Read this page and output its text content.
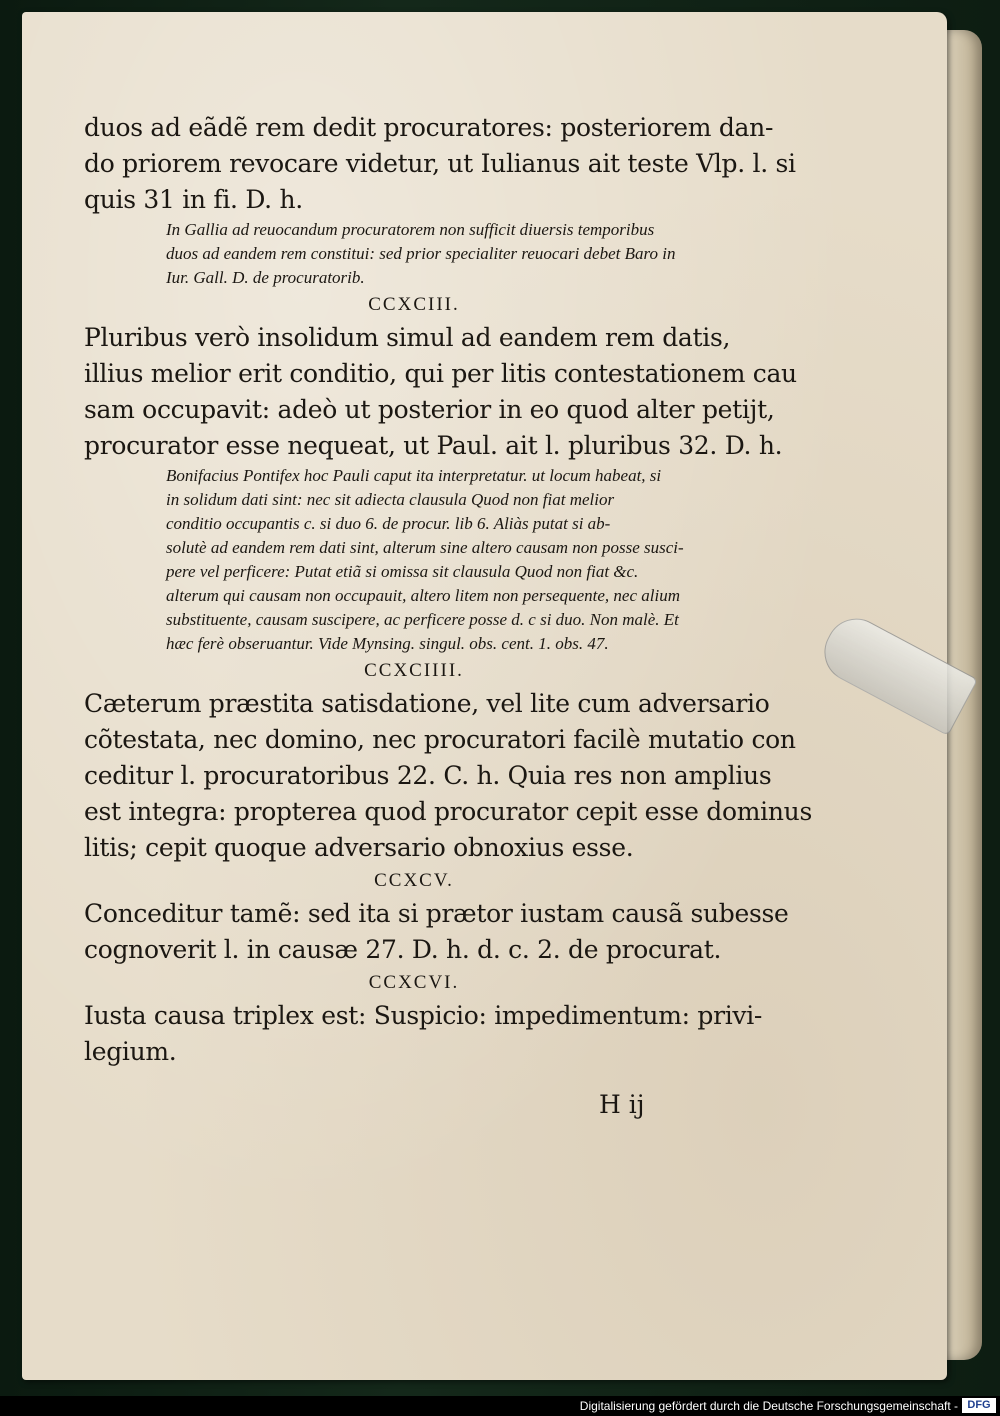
duos ad eãdẽ rem dedit procuratores: posteriorem dan-
do priorem revocare videtur, ut Iulianus ait teste Vlp. l. si
quis 31 in fi. D. h.
In Gallia ad reuocandum procuratorem non sufficit diuersis temporibus
duos ad eandem rem constitui: sed prior specialiter reuocari debet Baro in
Iur. Gall. D. de procuratorib.
CCXCIII.
Pluribus verò insolidum simul ad eandem rem datis,
illius melior erit conditio, qui per litis contestationem cau
sam occupavit: adeò ut posterior in eo quod alter petijt,
procurator esse nequeat, ut Paul. ait l. pluribus 32. D. h.
Bonifacius Pontifex hoc Pauli caput ita interpretatur. ut locum habeat, si
in solidum dati sint: nec sit adiecta clausula Quod non fiat melior
conditio occupantis c. si duo 6. de procur. lib 6. Aliàs putat si ab-
solutè ad eandem rem dati sint, alterum sine altero causam non posse susci-
pere vel perficere: Putat etiã si omissa sit clausula Quod non fiat &c.
alterum qui causam non occupauit, altero litem non persequente, nec alium
substituente, causam suscipere, ac perficere posse d. c si duo. Non malè. Et
hæc ferè obseruantur. Vide Mynsing. singul. obs. cent. 1. obs. 47.
CCXCIIII.
Cæterum præstita satisdatione, vel lite cum adversario
cõtestata, nec domino, nec procuratori facilè mutatio con
ceditur l. procuratoribus 22. C. h. Quia res non amplius
est integra: propterea quod procurator cepit esse dominus
litis; cepit quoque adversario obnoxius esse.
CCXCV.
Conceditur tamẽ: sed ita si prætor iustam causã subesse
cognoverit l. in causæ 27. D. h. d. c. 2. de procurat.
CCXCVI.
Iusta causa triplex est: Suspicio: impedimentum: privi-
legium.
H ij
Digitalisierung gefördert durch die Deutsche Forschungsgemeinschaft - DFG
